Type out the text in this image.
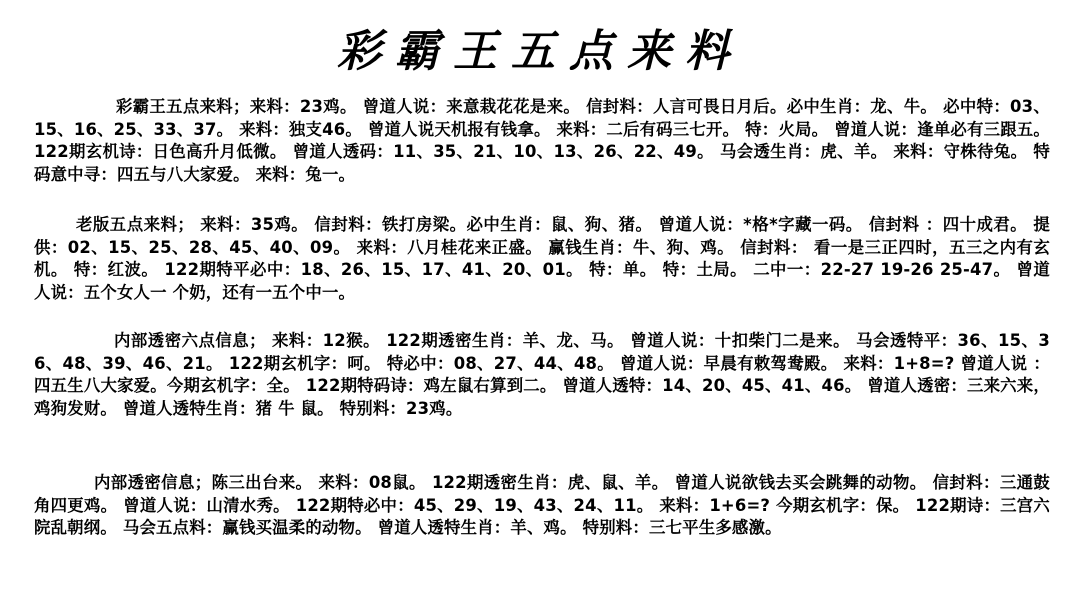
彩霸王五点来料
彩霸王五点来料；来料：23鸡。 曾道人说：来意栽花花是来。 信封料：人言可畏日月后。必中生肖：龙、牛。 必中特：03、15、16、25、33、37。 来料：独支46。 曾道人说天机报有钱拿。 来料：二后有码三七开。 特：火局。 曾道人说：逢单必有三跟五。122期玄机诗：日色高升月低微。 曾道人透码：11、35、21、10、13、26、22、49。 马会透生肖：虎、羊。 来料：守株待兔。 特码意中寻：四五与八大家爱。 来料：兔一。
老版五点来料； 来料：35鸡。 信封料：铁打房梁。必中生肖：鼠、狗、猪。 曾道人说：*格*字藏一码。 信封料 ：四十成君。 提供：02、15、25、28、45、40、09。 来料：八月桂花来正盛。 赢钱生肖：牛、狗、鸡。 信封料： 看一是三正四时，五三之内有玄机。 特：红波。 122期特平必中：18、26、15、17、41、20、01。 特：单。 特：土局。 二中一：22-27 19-26 25-47。 曾道人说：五个女人一 个奶，还有一五个中一。
内部透密六点信息； 来料：12猴。 122期透密生肖：羊、龙、马。 曾道人说：十扣柴门二是来。 马会透特平：36、15、36、48、39、46、21。 122期玄机字：呵。 特必中：08、27、44、48。 曾道人说：早晨有敕驾鸯殿。 来料：1+8=? 曾道人说 ：四五生八大家爱。今期玄机字：全。 122期特码诗：鸡左鼠右算到二。 曾道人透特：14、20、45、41、46。 曾道人透密：三来六来，鸡狗发财。 曾道人透特生肖：猪 牛 鼠。 特别料：23鸡。
内部透密信息；陈三出台来。 来料：08鼠。 122期透密生肖：虎、鼠、羊。 曾道人说欲钱去买会跳舞的动物。 信封料：三通鼓角四更鸡。 曾道人说：山清水秀。 122期特必中：45、29、19、43、24、11。 来料：1+6=? 今期玄机字：保。 122期诗：三宫六院乱朝纲。 马会五点料：赢钱买温柔的动物。 曾道人透特生肖：羊、鸡。 特别料：三七平生多感激。
